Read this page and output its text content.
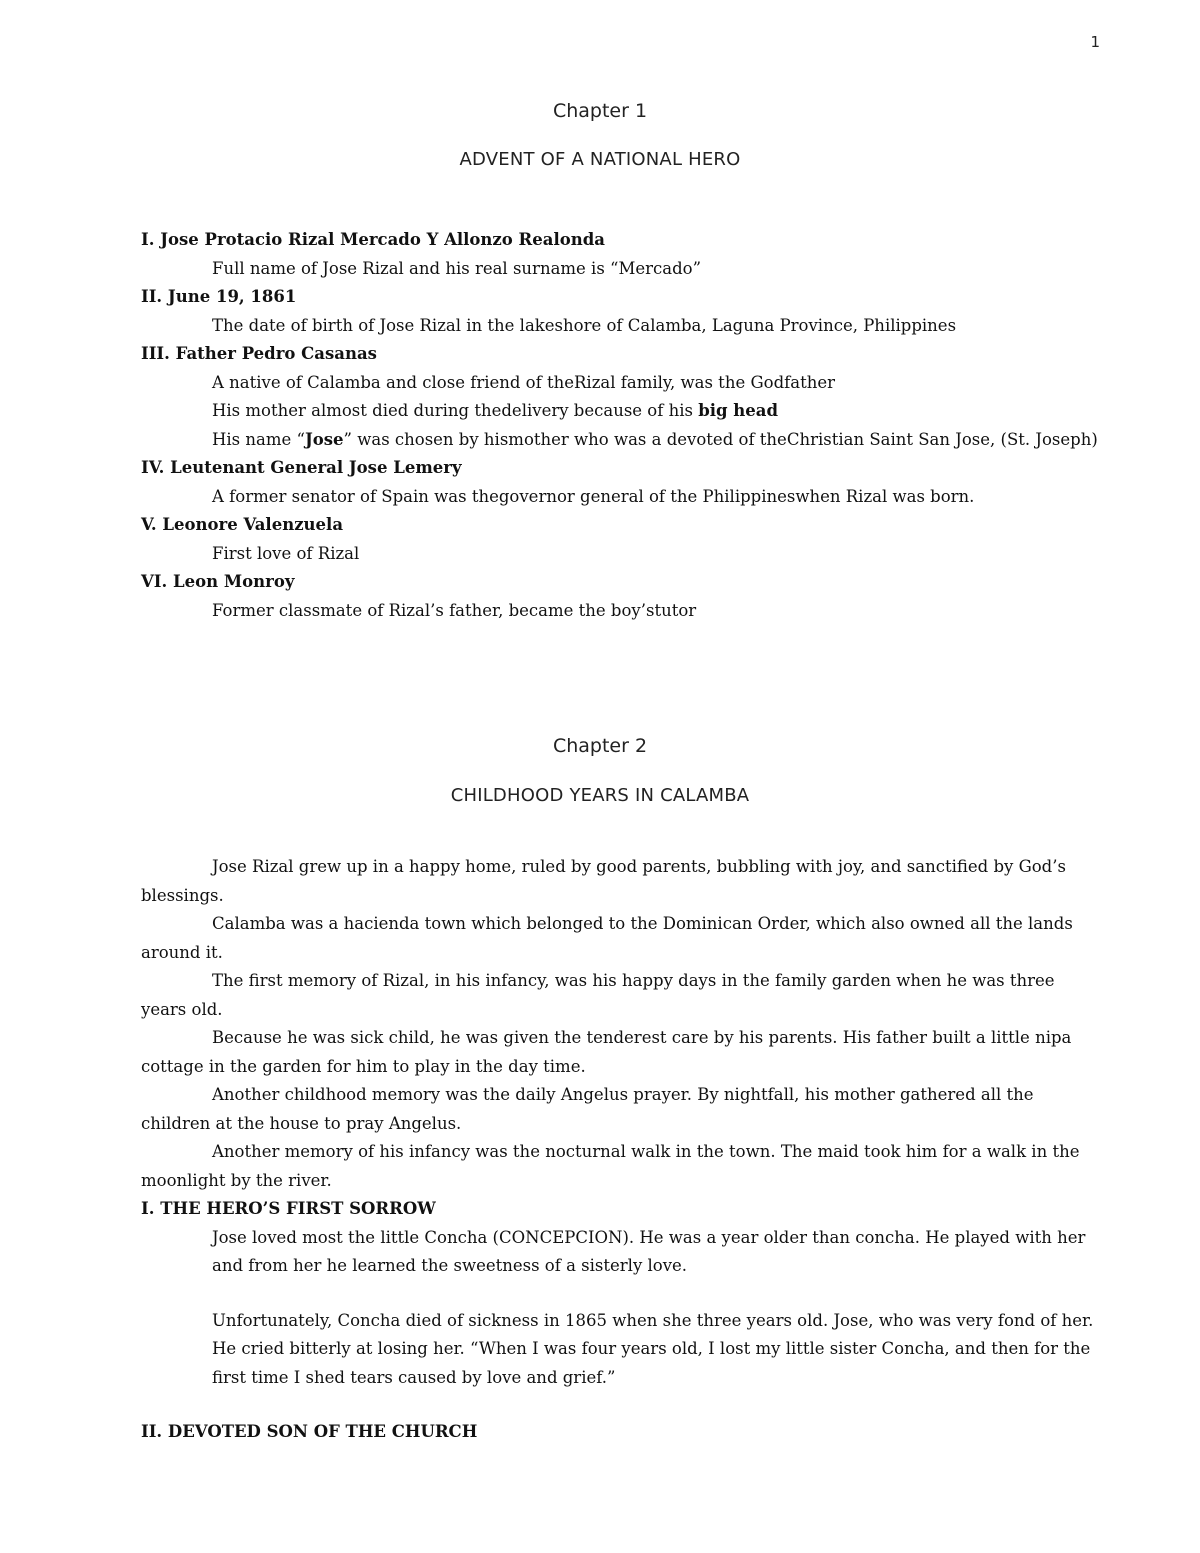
1
Chapter 1
ADVENT OF A NATIONAL HERO
I. Jose Protacio Rizal Mercado Y Allonzo Realonda
Full name of Jose Rizal and his real surname is “Mercado”
II. June 19, 1861
The date of birth of Jose Rizal in the lakeshore of Calamba, Laguna Province, Philippines
III. Father Pedro Casanas
A native of Calamba and close friend of theRizal family, was the Godfather
His mother almost died during thedelivery because of his big head
His name “Jose” was chosen by hismother who was a devoted of theChristian Saint San Jose, (St. Joseph)
IV. Leutenant General Jose Lemery
A former senator of Spain was thegovernor general of the Philippineswhen Rizal was born.
V. Leonore Valenzuela
First love of Rizal
VI. Leon Monroy
Former classmate of Rizal’s father, became the boy’stutor
Chapter 2
CHILDHOOD YEARS IN CALAMBA
Jose Rizal grew up in a happy home, ruled by good parents, bubbling with joy, and sanctified by God’s blessings.
Calamba was a hacienda town which belonged to the Dominican Order, which also owned all the lands around it.
The first memory of Rizal, in his infancy, was his happy days in the family garden when he was three years old.
Because he was sick child, he was given the tenderest care by his parents. His father built a little nipa cottage in the garden for him to play in the day time.
Another childhood memory was the daily Angelus prayer. By nightfall, his mother gathered all the children at the house to pray Angelus.
Another memory of his infancy was the nocturnal walk in the town. The maid took him for a walk in the moonlight by the river.
I. THE HERO’S FIRST SORROW
Jose loved most the little Concha (CONCEPCION). He was a year older than concha. He played with her and from her he learned the sweetness of a sisterly love.
Unfortunately, Concha died of sickness in 1865 when she three years old. Jose, who was very fond of her. He cried bitterly at losing her. “When I was four years old, I lost my little sister Concha, and then for the first time I shed tears caused by love and grief.”
II. DEVOTED SON OF THE CHURCH
